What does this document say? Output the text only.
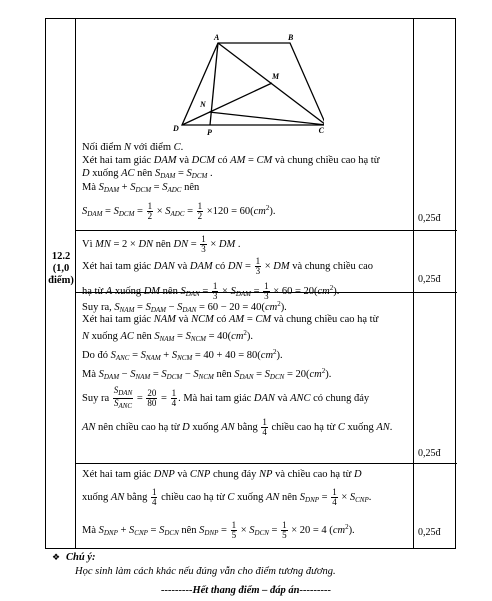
12.2
(1,0 điểm)
A	B
M
N
D	P	C
Nối điểm N với điểm C.
Xét hai tam giác DAM và DCM có AM = CM và chung chiều cao hạ từ
D xuống AC nên $S_{DAM} = S_{DCM}$ .
Mà $S_{DAM} + S_{DCM} = S_{ADC}$ nên
$S_{DAM} = S_{DCM} = \frac{1}{2} \times S_{ADC} = \frac{1}{2} \times 120 = 60(cm^2)$.
0,25đ
Vì MN = 2 × DN nên DN = $\frac{1}{3}$ × DM .
Xét hai tam giác DAN và DAM có DN = $\frac{1}{3}$ × DM và chung chiều cao
hạ từ A xuống DM nên $S_{DAN} = \frac{1}{3} \times S_{DAM} = \frac{1}{3} \times 60 = 20(cm^2)$.
0,25đ
Suy ra, $S_{NAM} = S_{DAM} - S_{DAN} = 60 - 20 = 40(cm^2)$.
Xét hai tam giác NAM và NCM có AM = CM và chung chiều cao hạ từ
N xuống AC nên $S_{NAM} = S_{NCM} = 40(cm^2)$.
Do đó $S_{ANC} = S_{NAM} + S_{NCM} = 40 + 40 = 80(cm^2)$.
Mà $S_{DAM} - S_{NAM} = S_{DCM} - S_{NCM}$ nên $S_{DAN} = S_{DCN} = 20(cm^2)$.
Suy ra $\frac{S_{DAN}}{S_{ANC}} = \frac{20}{80} = \frac{1}{4}$ . Mà hai tam giác DAN và ANC có chung đáy
AN nên chiều cao hạ từ D xuống AN bằng $\frac{1}{4}$ chiều cao hạ từ C xuống AN.
0,25đ
Xét hai tam giác DNP và CNP chung đáy NP và chiều cao hạ từ D
xuống AN bằng $\frac{1}{4}$ chiều cao hạ từ C xuống AN nên $S_{DNP} = \frac{1}{4} \times S_{CNP}$.
Mà $S_{DNP} + S_{CNP} = S_{DCN}$ nên $S_{DNP} = \frac{1}{5} \times S_{DCN} = \frac{1}{5} \times 20 = 4$ $(cm^2)$.	0,25đ
❖ Chú ý:
Học sinh làm cách khác nếu đúng vẫn cho điểm tương đương.
---------Hết thang điểm – đáp án---------
